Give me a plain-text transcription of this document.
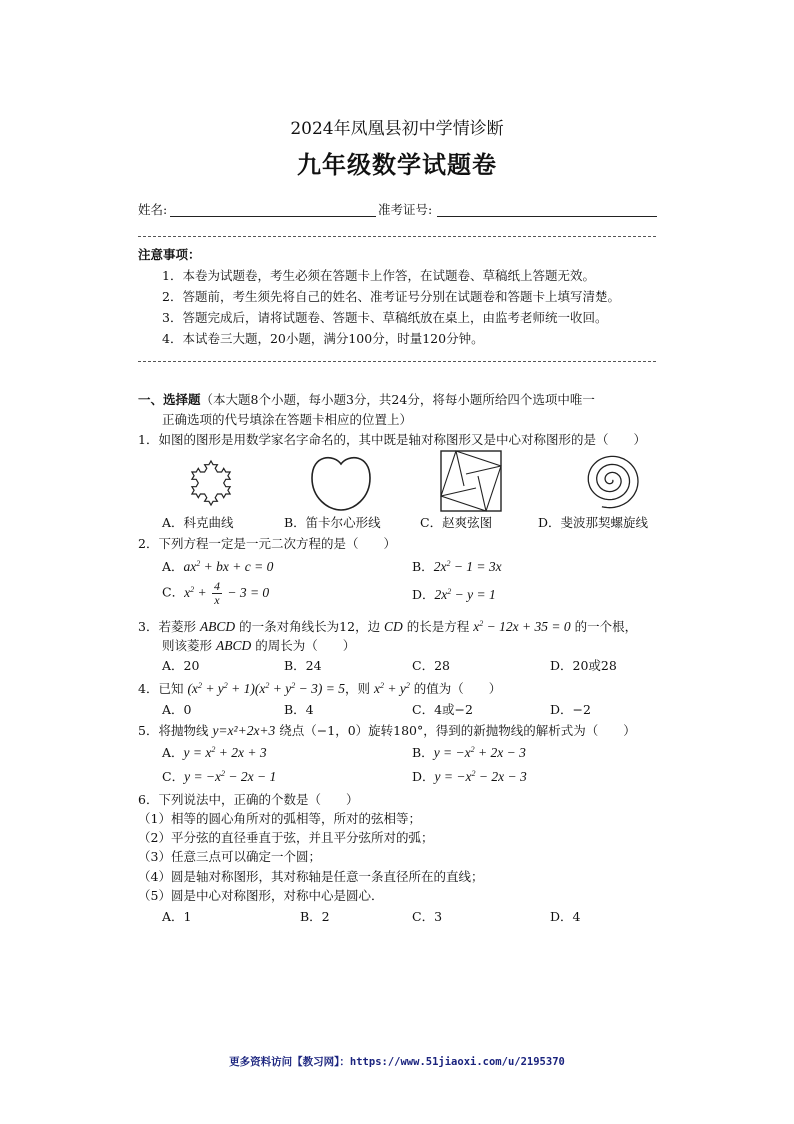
2024年凤凰县初中学情诊断
九年级数学试题卷
姓名:	准考证号:
注意事项：
1．本卷为试题卷，考生必须在答题卡上作答，在试题卷、草稿纸上答题无效。
2．答题前，考生须先将自己的姓名、准考证号分别在试题卷和答题卡上填写清楚。
3．答题完成后，请将试题卷、答题卡、草稿纸放在桌上，由监考老师统一收回。
4．本试卷三大题，20小题，满分100分，时量120分钟。
一、选择题（本大题8个小题，每小题3分，共24分，将每小题所给四个选项中唯一
正确选项的代号填涂在答题卡相应的位置上）
1．如图的图形是用数学家名字命名的，其中既是轴对称图形又是中心对称图形的是（　　）
A．科克曲线	B．笛卡尔心形线	C．赵爽弦图	D．斐波那契螺旋线
2．下列方程一定是一元二次方程的是（　　）
A．$ax^2$ + bx + c = 0	B．$2x^2 - 1 = 3x$
C．$x^2 + \frac{4}{x} - 3 = 0$	D．$2x^2 - y = 1$
3．若菱形 ABCD 的一条对角线长为12，边 CD 的长是方程 $x^2 - 12x + 35 = 0$ 的一个根，
则该菱形 ABCD 的周长为（　　）
A．20	B．24	C．28	D．20或28
4．已知 $(x^2 + y^2 + 1)(x^2 + y^2 - 3) = 5$，则 $x^2 + y^2$ 的值为（　　）
A．0	B．4	C．4或−2	D．−2
5．将抛物线 y=x²+2x+3 绕点（−1，0）旋转180°，得到的新抛物线的解析式为（　　）
A．$y = x^2 + 2x + 3$	B．$y = -x^2 + 2x - 3$
C．$y = -x^2 - 2x - 1$	D．$y = -x^2 - 2x - 3$
6．下列说法中，正确的个数是（　　）
（1）相等的圆心角所对的弧相等，所对的弦相等；
（2）平分弦的直径垂直于弦，并且平分弦所对的弧；
（3）任意三点可以确定一个圆；
（4）圆是轴对称图形，其对称轴是任意一条直径所在的直线；
（5）圆是中心对称图形，对称中心是圆心．
A．1	B．2	C．3	D．4
更多资料访问【教习网】：https://www.51jiaoxi.com/u/2195370
